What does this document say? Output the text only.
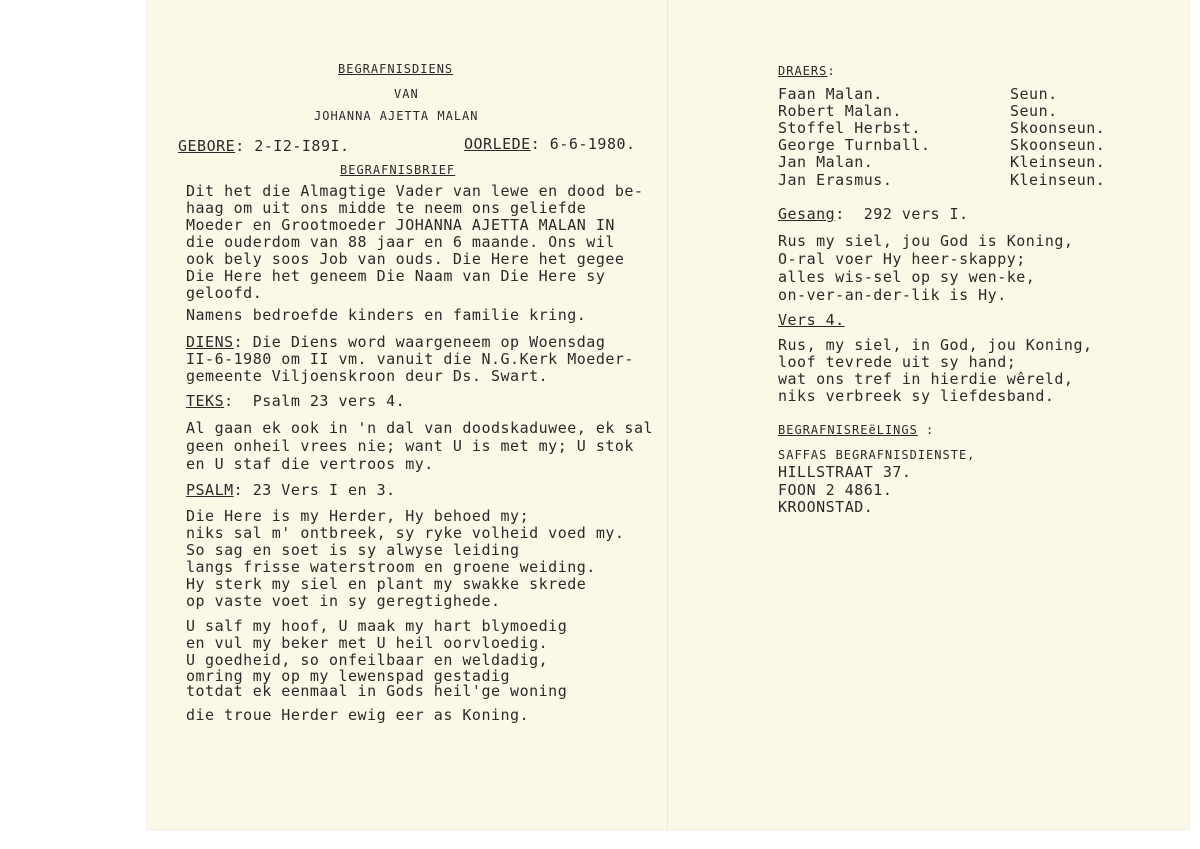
BEGRAFNISDIENS
VAN
JOHANNA AJETTA MALAN
GEBORE: 2-I2-I89I.	OORLEDE: 6-6-1980.
BEGRAFNISBRIEF
Dit het die Almagtige Vader van lewe en dood be-
haag om uit ons midde te neem ons geliefde
Moeder en Grootmoeder JOHANNA AJETTA MALAN IN
die ouderdom van 88 jaar en 6 maande. Ons wil
ook bely soos Job van ouds. Die Here het gegee
Die Here het geneem Die Naam van Die Here sy
geloofd.
Namens bedroefde kinders en familie kring.
DIENS: Die Diens word waargeneem op Woensdag
II-6-1980 om II vm. vanuit die N.G.Kerk Moeder-
gemeente Viljoenskroon deur Ds. Swart.
TEKS:  Psalm 23 vers 4.
Al gaan ek ook in 'n dal van doodskaduwee, ek sal
geen onheil vrees nie; want U is met my; U stok
en U staf die vertroos my.
PSALM: 23 Vers I en 3.
Die Here is my Herder, Hy behoed my;
niks sal m' ontbreek, sy ryke volheid voed my.
So sag en soet is sy alwyse leiding
langs frisse waterstroom en groene weiding.
Hy sterk my siel en plant my swakke skrede
op vaste voet in sy geregtighede.
U salf my hoof, U maak my hart blymoedig
en vul my beker met U heil oorvloedig.
U goedheid, so onfeilbaar en weldadig,
omring my op my lewenspad gestadig
totdat ek eenmaal in Gods heil'ge woning
die troue Herder ewig eer as Koning.
DRAERS:
Faan Malan.	Seun.
Robert Malan.	Seun.
Stoffel Herbst.	Skoonseun.
George Turnball.	Skoonseun.
Jan Malan.	Kleinseun.
Jan Erasmus.	Kleinseun.
Gesang:  292 vers I.
Rus my siel, jou God is Koning,
O-ral voer Hy heer-skappy;
alles wis-sel op sy wen-ke,
on-ver-an-der-lik is Hy.
Vers 4.
Rus, my siel, in God, jou Koning,
loof tevrede uit sy hand;
wat ons tref in hierdie wêreld,
niks verbreek sy liefdesband.
BEGRAFNISREëLINGS :
SAFFAS BEGRAFNISDIENSTE,
HILLSTRAAT 37.
FOON 2 4861.
KROONSTAD.
